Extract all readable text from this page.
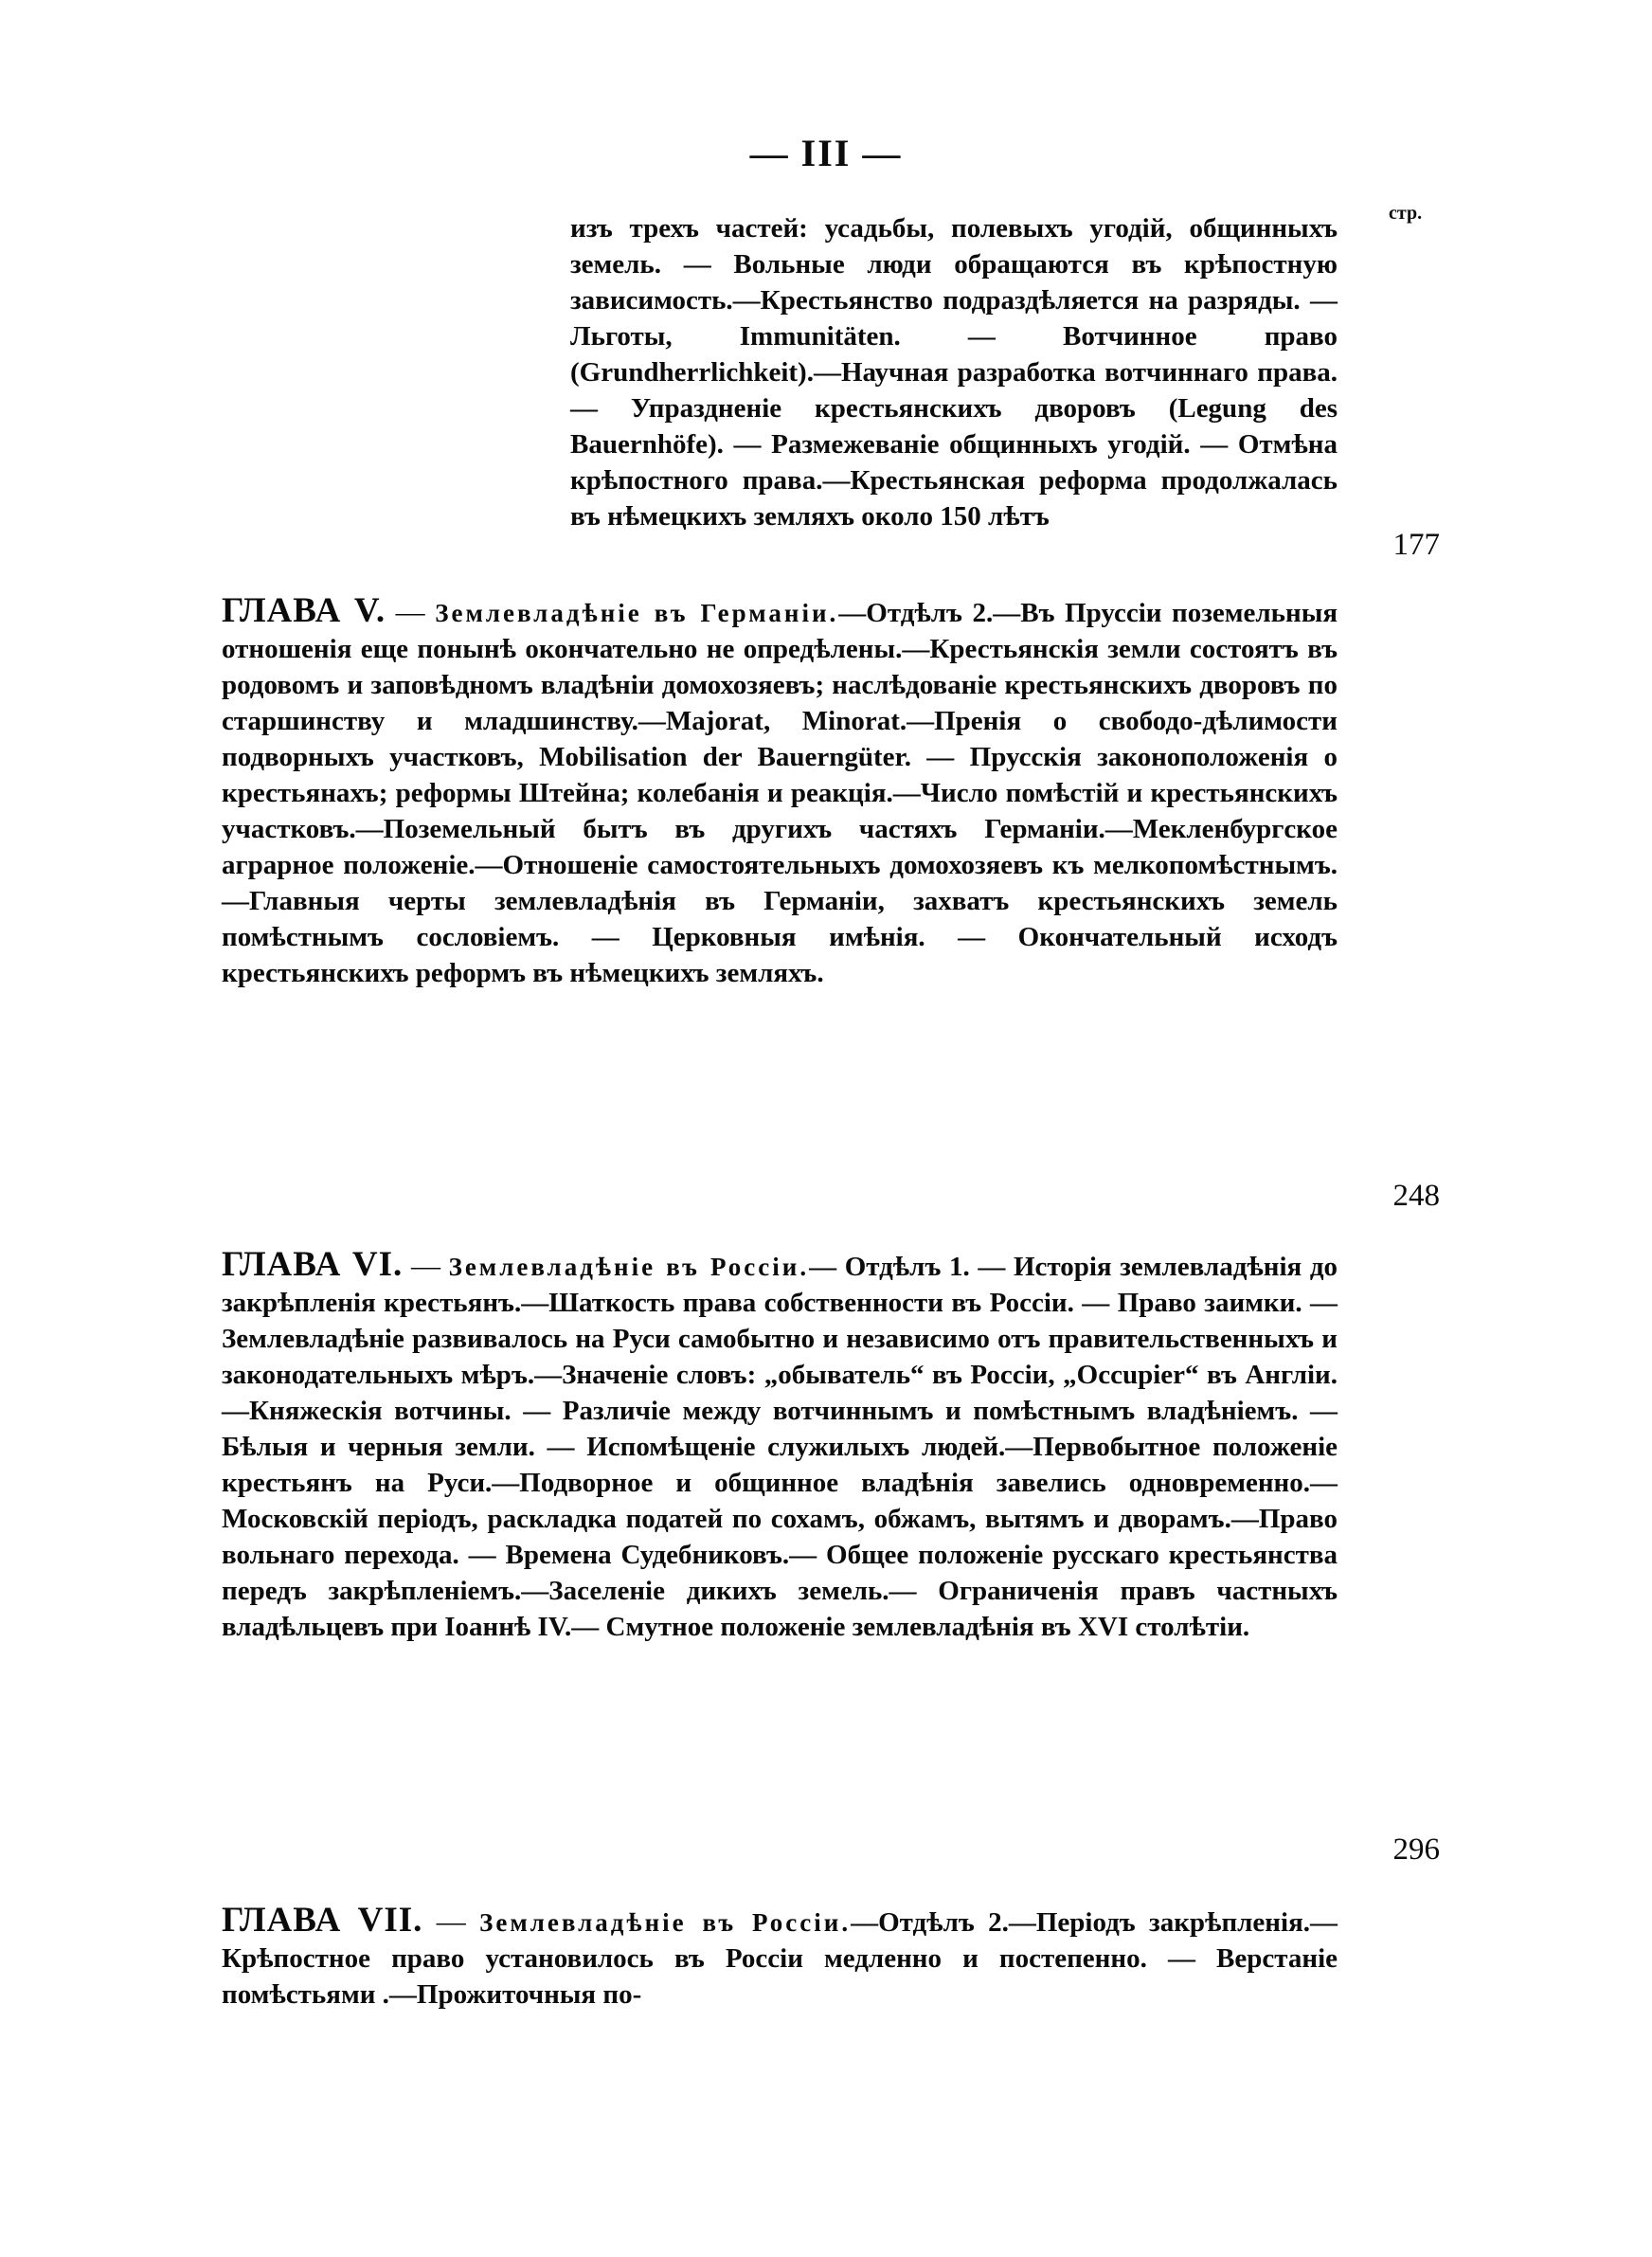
— III —
стр.
изъ трехъ частей: усадьбы, полевыхъ угодій, общинныхъ земель. — Вольные люди обращаются въ крѣпостную зависимость.—Крестьянство подраздѣляется на разряды. — Льготы, Immunitäten. — Вотчинное право (Grundherrlichkeit).—Научная разработка вотчиннаго права. — Упраздненіе крестьянскихъ дворовъ (Legung des Bauernhöfe). — Размежеваніе общинныхъ угодій. — Отмѣна крѣпостного права.—Крестьянская реформа продолжалась въ нѣмецкихъ земляхъ около 150 лѣтъ
177
ГЛАВА V. — Землевладѣніе въ Германіи.—Отдѣлъ 2.—Въ Пруссіи поземельныя отношенія еще понынѣ окончательно не опредѣлены.—Крестьянскія земли состоятъ въ родовомъ и заповѣдномъ владѣніи домохозяевъ; наслѣдованіе крестьянскихъ дворовъ по старшинству и младшинству.—Majorat, Minorat.—Пренія о свободо-дѣлимости подворныхъ участковъ, Mobilisation der Bauerngüter. — Прусскія законоположенія о крестьянахъ; реформы Штейна; колебанія и реакція.—Число помѣстій и крестьянскихъ участковъ.—Поземельный бытъ въ другихъ частяхъ Германіи.—Мекленбургское аграрное положеніе.—Отношеніе самостоятельныхъ домохозяевъ къ мелкопомѣстнымъ.—Главныя черты землевладѣнія въ Германіи, захватъ крестьянскихъ земель помѣстнымъ сословіемъ. — Церковныя имѣнія. — Окончательный исходъ крестьянскихъ реформъ въ нѣмецкихъ земляхъ.
248
ГЛАВА VI. — Землевладѣніе въ Россіи.— Отдѣлъ 1. — Исторія землевладѣнія до закрѣпленія крестьянъ.—Шаткость права собственности въ Россіи. — Право заимки. — Землевладѣніе развивалось на Руси самобытно и независимо отъ правительственныхъ и законодательныхъ мѣръ.—Значеніе словъ: „обыватель“ въ Россіи, „Occupier“ въ Англіи.—Княжескія вотчины. — Различіе между вотчиннымъ и помѣстнымъ владѣніемъ. — Бѣлыя и черныя земли. — Испомѣщеніе служилыхъ людей.—Первобытное положеніе крестьянъ на Руси.—Подворное и общинное владѣнія завелись одновременно.—Московскій періодъ, раскладка податей по сохамъ, обжамъ, вытямъ и дворамъ.—Право вольнаго перехода. — Времена Судебниковъ.— Общее положеніе русскаго крестьянства передъ закрѣпленіемъ.—Заселеніе дикихъ земель.— Ограниченія правъ частныхъ владѣльцевъ при Іоаннѣ IV.— Смутное положеніе землевладѣнія въ XVI столѣтіи.
296
ГЛАВА VII. — Землевладѣніе въ Россіи.—Отдѣлъ 2.—Періодъ закрѣпленія.—Крѣпостное право установилось въ Россіи медленно и постепенно. — Верстаніе помѣстьями .—Прожиточныя по-
